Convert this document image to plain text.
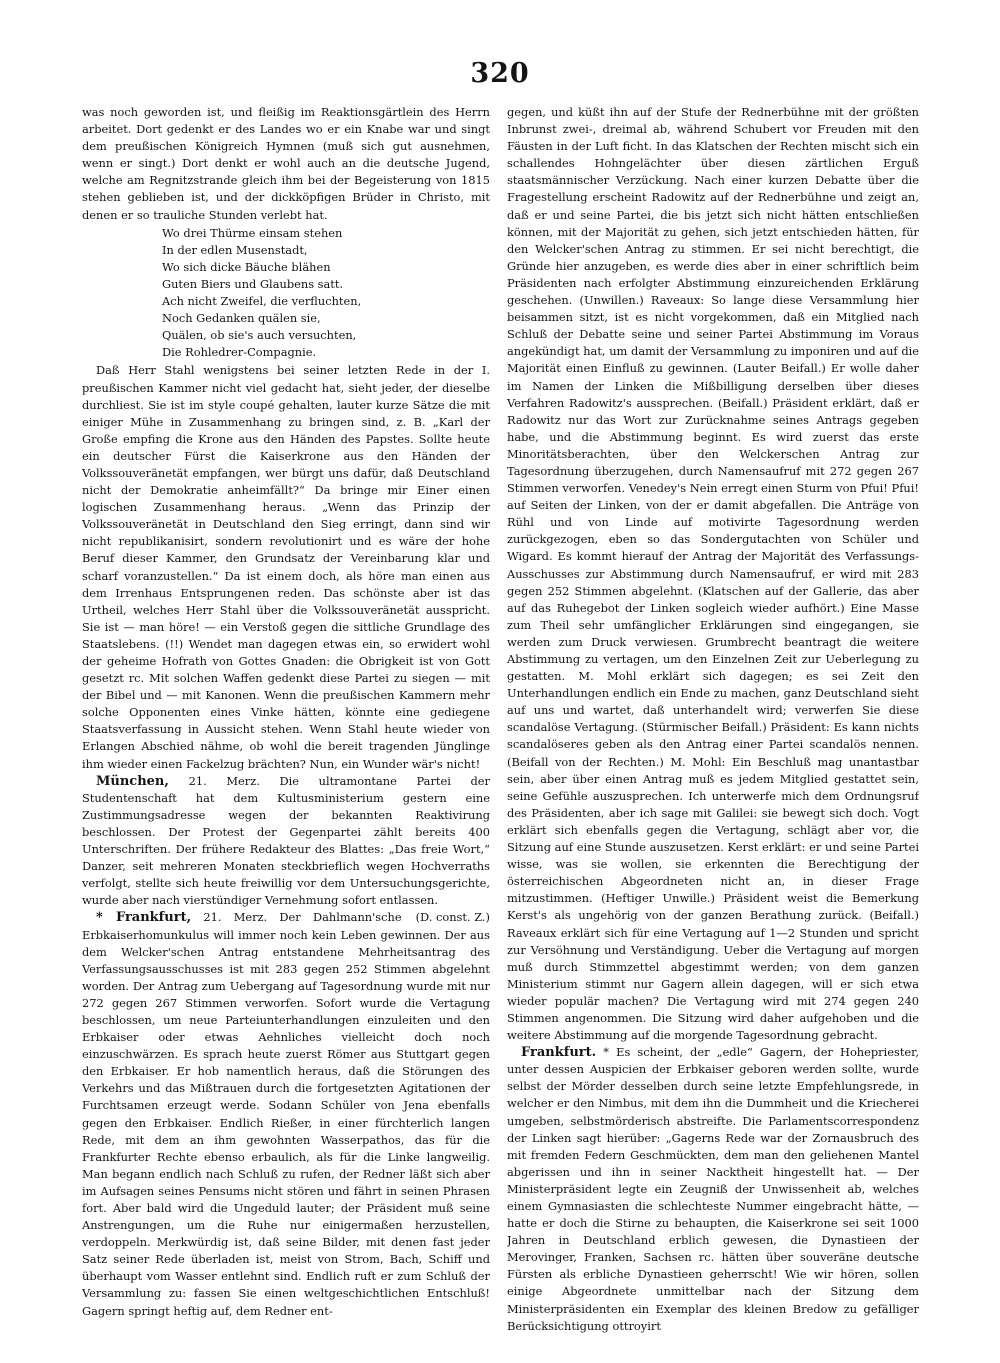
320

was noch geworden ist, und fleißig im Reaktionsgärtlein des Herrn arbeitet. Dort gedenkt er des Landes wo er ein Knabe war und singt dem preußischen Königreich Hymnen (muß sich gut ausnehmen, wenn er singt.) Dort denkt er wohl auch an die deutsche Jugend, welche am Regnitzstrande gleich ihm bei der Begeisterung von 1815 stehen geblieben ist, und der dickköpfigen Brüder in Christo, mit denen er so trauliche Stunden verlebt hat.

Wo drei Thürme einsam stehen
In der edlen Musenstadt,
Wo sich dicke Bäuche blähen
Guten Biers und Glaubens satt.
Ach nicht Zweifel, die verfluchten,
Noch Gedanken quälen sie,
Quälen, ob sie's auch versuchten,
Die Rohledrer-Compagnie.

Daß Herr Stahl wenigstens bei seiner letzten Rede in der I. preußischen Kammer nicht viel gedacht hat, sieht jeder, der dieselbe durchliest. Sie ist im style coupé gehalten, lauter kurze Sätze die mit einiger Mühe in Zusammenhang zu bringen sind, z. B. „Karl der Große empfing die Krone aus den Händen des Papstes. Sollte heute ein deutscher Fürst die Kaiserkrone aus den Händen der Volkssouveränetät empfangen, wer bürgt uns dafür, daß Deutschland nicht der Demokratie anheimfällt?“ Da bringe mir Einer einen logischen Zusammenhang heraus. „Wenn das Prinzip der Volkssouveränetät in Deutschland den Sieg erringt, dann sind wir nicht republikanisirt, sondern revolutionirt und es wäre der hohe Beruf dieser Kammer, den Grundsatz der Vereinbarung klar und scharf voranzustellen.“ Da ist einem doch, als höre man einen aus dem Irrenhaus Entsprungenen reden. Das schönste aber ist das Urtheil, welches Herr Stahl über die Volkssouveränetät ausspricht. Sie ist — man höre! — ein Verstoß gegen die sittliche Grundlage des Staatslebens. (!!) Wendet man dagegen etwas ein, so erwidert wohl der geheime Hofrath von Gottes Gnaden: die Obrigkeit ist von Gott gesetzt rc. Mit solchen Waffen gedenkt diese Partei zu siegen — mit der Bibel und — mit Kanonen. Wenn die preußischen Kammern mehr solche Opponenten eines Vinke hätten, könnte eine gediegene Staatsverfassung in Aussicht stehen. Wenn Stahl heute wieder von Erlangen Abschied nähme, ob wohl die bereit tragenden Jünglinge ihm wieder einen Fackelzug brächten? Nun, ein Wunder wär's nicht!

München, 21. Merz. Die ultramontane Partei der Studentenschaft hat dem Kultusministerium gestern eine Zustimmungsadresse wegen der bekannten Reaktivirung beschlossen. Der Protest der Gegenpartei zählt bereits 400 Unterschriften. Der frühere Redakteur des Blattes: „Das freie Wort,“ Danzer, seit mehreren Monaten steckbrieflich wegen Hochverraths verfolgt, stellte sich heute freiwillig vor dem Untersuchungsgerichte, wurde aber nach vierstündiger Vernehmung sofort entlassen.
(D. const. Z.)

* Frankfurt, 21. Merz. Der Dahlmann'sche Erbkaiserhomunkulus will immer noch kein Leben gewinnen. Der aus dem Welcker'schen Antrag entstandene Mehrheitsantrag des Verfassungsausschusses ist mit 283 gegen 252 Stimmen abgelehnt worden. Der Antrag zum Uebergang auf Tagesordnung wurde mit nur 272 gegen 267 Stimmen verworfen. Sofort wurde die Vertagung beschlossen, um neue Parteiunterhandlungen einzuleiten und den Erbkaiser oder etwas Aehnliches vielleicht doch noch einzuschwärzen. Es sprach heute zuerst Römer aus Stuttgart gegen den Erbkaiser. Er hob namentlich heraus, daß die Störungen des Verkehrs und das Mißtrauen durch die fortgesetzten Agitationen der Furchtsamen erzeugt werde. Sodann Schüler von Jena ebenfalls gegen den Erbkaiser. Endlich Rießer, in einer fürchterlich langen Rede, mit dem an ihm gewohnten Wasserpathos, das für die Frankfurter Rechte ebenso erbaulich, als für die Linke langweilig. Man begann endlich nach Schluß zu rufen, der Redner läßt sich aber im Aufsagen seines Pensums nicht stören und fährt in seinen Phrasen fort. Aber bald wird die Ungeduld lauter; der Präsident muß seine Anstrengungen, um die Ruhe nur einigermaßen herzustellen, verdoppeln. Merkwürdig ist, daß seine Bilder, mit denen fast jeder Satz seiner Rede überladen ist, meist von Strom, Bach, Schiff und überhaupt vom Wasser entlehnt sind. Endlich ruft er zum Schluß der Versammlung zu: fassen Sie einen weltgeschichtlichen Entschluß! Gagern springt heftig auf, dem Redner ent-

gegen, und küßt ihn auf der Stufe der Rednerbühne mit der größten Inbrunst zwei-, dreimal ab, während Schubert vor Freuden mit den Fäusten in der Luft ficht. In das Klatschen der Rechten mischt sich ein schallendes Hohngelächter über diesen zärtlichen Erguß staatsmännischer Verzückung. Nach einer kurzen Debatte über die Fragestellung erscheint Radowitz auf der Rednerbühne und zeigt an, daß er und seine Partei, die bis jetzt sich nicht hätten entschließen können, mit der Majorität zu gehen, sich jetzt entschieden hätten, für den Welcker'schen Antrag zu stimmen. Er sei nicht berechtigt, die Gründe hier anzugeben, es werde dies aber in einer schriftlich beim Präsidenten nach erfolgter Abstimmung einzureichenden Erklärung geschehen. (Unwillen.) Raveaux: So lange diese Versammlung hier beisammen sitzt, ist es nicht vorgekommen, daß ein Mitglied nach Schluß der Debatte seine und seiner Partei Abstimmung im Voraus angekündigt hat, um damit der Versammlung zu imponiren und auf die Majorität einen Einfluß zu gewinnen. (Lauter Beifall.) Er wolle daher im Namen der Linken die Mißbilligung derselben über dieses Verfahren Radowitz's aussprechen. (Beifall.) Präsident erklärt, daß er Radowitz nur das Wort zur Zurücknahme seines Antrags gegeben habe, und die Abstimmung beginnt. Es wird zuerst das erste Minoritätsberachten, über den Welckerschen Antrag zur Tagesordnung überzugehen, durch Namensaufruf mit 272 gegen 267 Stimmen verworfen. Venedey's Nein erregt einen Sturm von Pfui! Pfui! auf Seiten der Linken, von der er damit abgefallen. Die Anträge von Rühl und von Linde auf motivirte Tagesordnung werden zurückgezogen, eben so das Sondergutachten von Schüler und Wigard. Es kommt hierauf der Antrag der Majorität des Verfassungs-Ausschusses zur Abstimmung durch Namensaufruf, er wird mit 283 gegen 252 Stimmen abgelehnt. (Klatschen auf der Gallerie, das aber auf das Ruhegebot der Linken sogleich wieder aufhört.) Eine Masse zum Theil sehr umfänglicher Erklärungen sind eingegangen, sie werden zum Druck verwiesen. Grumbrecht beantragt die weitere Abstimmung zu vertagen, um den Einzelnen Zeit zur Ueberlegung zu gestatten. M. Mohl erklärt sich dagegen; es sei Zeit den Unterhandlungen endlich ein Ende zu machen, ganz Deutschland sieht auf uns und wartet, daß unterhandelt wird; verwerfen Sie diese scandalöse Vertagung. (Stürmischer Beifall.) Präsident: Es kann nichts scandalöseres geben als den Antrag einer Partei scandalös nennen. (Beifall von der Rechten.) M. Mohl: Ein Beschluß mag unantastbar sein, aber über einen Antrag muß es jedem Mitglied gestattet sein, seine Gefühle auszusprechen. Ich unterwerfe mich dem Ordnungsruf des Präsidenten, aber ich sage mit Galilei: sie bewegt sich doch. Vogt erklärt sich ebenfalls gegen die Vertagung, schlägt aber vor, die Sitzung auf eine Stunde auszusetzen. Kerst erklärt: er und seine Partei wisse, was sie wollen, sie erkennten die Berechtigung der österreichischen Abgeordneten nicht an, in dieser Frage mitzustimmen. (Heftiger Unwille.) Präsident weist die Bemerkung Kerst's als ungehörig von der ganzen Berathung zurück. (Beifall.) Raveaux erklärt sich für eine Vertagung auf 1—2 Stunden und spricht zur Versöhnung und Verständigung. Ueber die Vertagung auf morgen muß durch Stimmzettel abgestimmt werden; von dem ganzen Ministerium stimmt nur Gagern allein dagegen, will er sich etwa wieder populär machen? Die Vertagung wird mit 274 gegen 240 Stimmen angenommen. Die Sitzung wird daher aufgehoben und die weitere Abstimmung auf die morgende Tagesordnung gebracht.

Frankfurt. * Es scheint, der „edle“ Gagern, der Hohepriester, unter dessen Auspicien der Erbkaiser geboren werden sollte, wurde selbst der Mörder desselben durch seine letzte Empfehlungsrede, in welcher er den Nimbus, mit dem ihn die Dummheit und die Kriecherei umgeben, selbstmörderisch abstreifte. Die Parlamentscorrespondenz der Linken sagt hierüber: „Gagerns Rede war der Zornausbruch des mit fremden Federn Geschmückten, dem man den geliehenen Mantel abgerissen und ihn in seiner Nacktheit hingestellt hat. — Der Ministerpräsident legte ein Zeugniß der Unwissenheit ab, welches einem Gymnasiasten die schlechteste Nummer eingebracht hätte, — hatte er doch die Stirne zu behaupten, die Kaiserkrone sei seit 1000 Jahren in Deutschland erblich gewesen, die Dynastieen der Merovinger, Franken, Sachsen rc. hätten über souveräne deutsche Fürsten als erbliche Dynastieen geherrscht! Wie wir hören, sollen einige Abgeordnete unmittelbar nach der Sitzung dem Ministerpräsidenten ein Exemplar des kleinen Bredow zu gefälliger Berücksichtigung ottroyirt
